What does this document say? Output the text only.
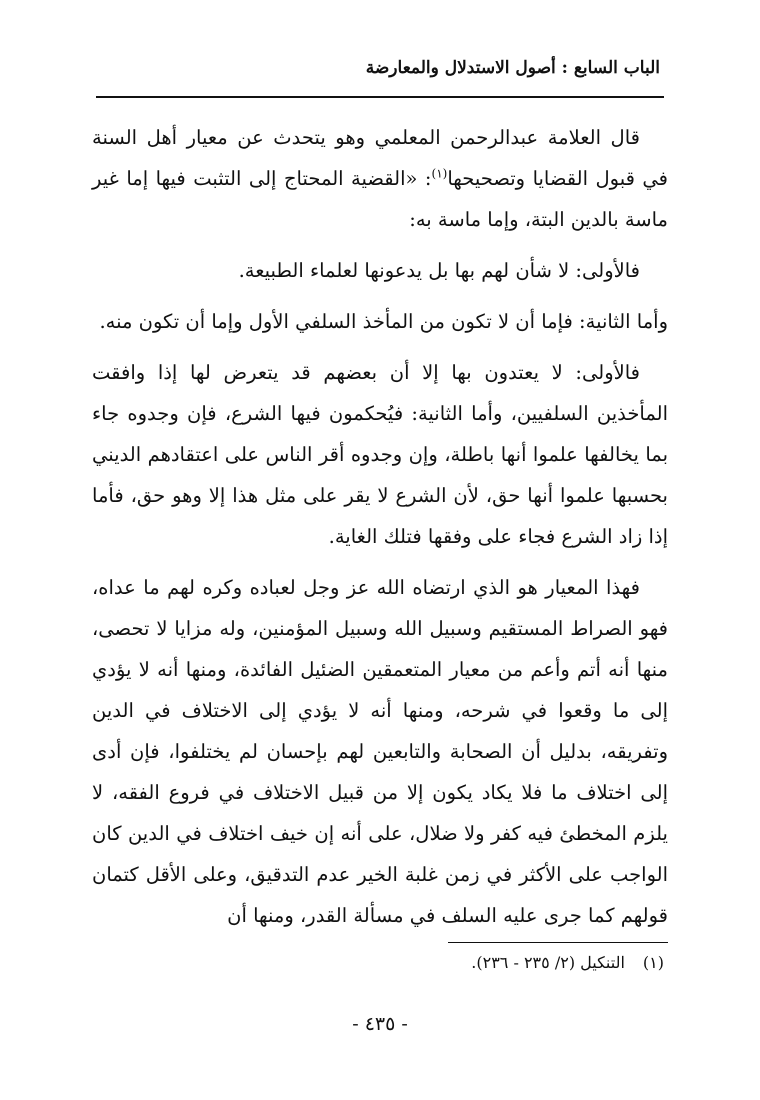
الباب السابع : أصول الاستدلال والمعارضة

قال العلامة عبدالرحمن المعلمي وهو يتحدث عن معيار أهل السنة في قبول القضايا وتصحيحها$^{(١)}$: «القضية المحتاج إلى التثبت فيها إما غير ماسة بالدين البتة، وإما ماسة به:

فالأولى: لا شأن لهم بها بل يدعونها لعلماء الطبيعة.

وأما الثانية: فإما أن لا تكون من المأخذ السلفي الأول وإما أن تكون منه.

فالأولى: لا يعتدون بها إلا أن بعضهم قد يتعرض لها إذا وافقت المأخذين السلفيين، وأما الثانية: فيُحكمون فيها الشرع، فإن وجدوه جاء بما يخالفها علموا أنها باطلة، وإن وجدوه أقر الناس على اعتقادهم الديني بحسبها علموا أنها حق، لأن الشرع لا يقر على مثل هذا إلا وهو حق، فأما إذا زاد الشرع فجاء على وفقها فتلك الغاية.

فهذا المعيار هو الذي ارتضاه الله عز وجل لعباده وكره لهم ما عداه، فهو الصراط المستقيم وسبيل الله وسبيل المؤمنين، وله مزايا لا تحصى، منها أنه أتم وأعم من معيار المتعمقين الضئيل الفائدة، ومنها أنه لا يؤدي إلى ما وقعوا في شرحه، ومنها أنه لا يؤدي إلى الاختلاف في الدين وتفريقه، بدليل أن الصحابة والتابعين لهم بإحسان لم يختلفوا، فإن أدى إلى اختلاف ما فلا يكاد يكون إلا من قبيل الاختلاف في فروع الفقه، لا يلزم المخطئ فيه كفر ولا ضلال، على أنه إن خيف اختلاف في الدين كان الواجب على الأكثر في زمن غلبة الخير عدم التدقيق، وعلى الأقل كتمان قولهم كما جرى عليه السلف في مسألة القدر، ومنها أن

(١)التنكيل (٢/ ٢٣٥ - ٢٣٦).
- ٤٣٥ -
